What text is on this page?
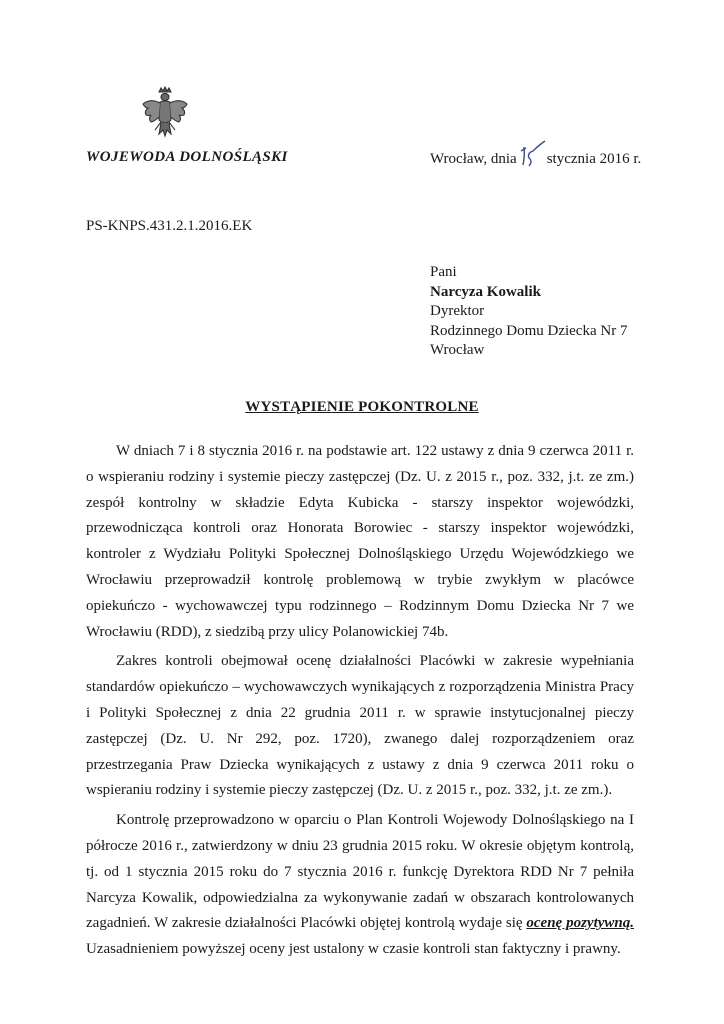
WOJEWODA DOLNOŚLĄSKI	Wrocław, dnia stycznia 2016 r.
PS-KNPS.431.2.1.2016.EK
Pani
Narcyza Kowalik
Dyrektor
Rodzinnego Domu Dziecka Nr 7
Wrocław
WYSTĄPIENIE POKONTROLNE

W dniach 7 i 8 stycznia 2016 r. na podstawie art. 122 ustawy z dnia 9 czerwca 2011 r. o wspieraniu rodziny i systemie pieczy zastępczej (Dz. U. z 2015 r., poz. 332, j.t. ze zm.) zespół kontrolny w składzie Edyta Kubicka - starszy inspektor wojewódzki, przewodnicząca kontroli oraz Honorata Borowiec - starszy inspektor wojewódzki, kontroler z Wydziału Polityki Społecznej Dolnośląskiego Urzędu Wojewódzkiego we Wrocławiu przeprowadził kontrolę problemową w trybie zwykłym w placówce opiekuńczo - wychowawczej typu rodzinnego – Rodzinnym Domu Dziecka Nr 7 we Wrocławiu (RDD), z siedzibą przy ulicy Polanowickiej 74b.

Zakres kontroli obejmował ocenę działalności Placówki w zakresie wypełniania standardów opiekuńczo – wychowawczych wynikających z rozporządzenia Ministra Pracy i Polityki Społecznej z dnia 22 grudnia 2011 r. w sprawie instytucjonalnej pieczy zastępczej (Dz. U. Nr 292, poz. 1720), zwanego dalej rozporządzeniem oraz przestrzegania Praw Dziecka wynikających z ustawy z dnia 9 czerwca 2011 roku o wspieraniu rodziny i systemie pieczy zastępczej (Dz. U. z 2015 r., poz. 332, j.t. ze zm.).

Kontrolę przeprowadzono w oparciu o Plan Kontroli Wojewody Dolnośląskiego na I półrocze 2016 r., zatwierdzony w dniu 23 grudnia 2015 roku. W okresie objętym kontrolą, tj. od 1 stycznia 2015 roku do 7 stycznia 2016 r. funkcję Dyrektora RDD Nr 7 pełniła Narcyza Kowalik, odpowiedzialna za wykonywanie zadań w obszarach kontrolowanych zagadnień. W zakresie działalności Placówki objętej kontrolą wydaje się ocenę pozytywną. Uzasadnieniem powyższej oceny jest ustalony w czasie kontroli stan faktyczny i prawny.
